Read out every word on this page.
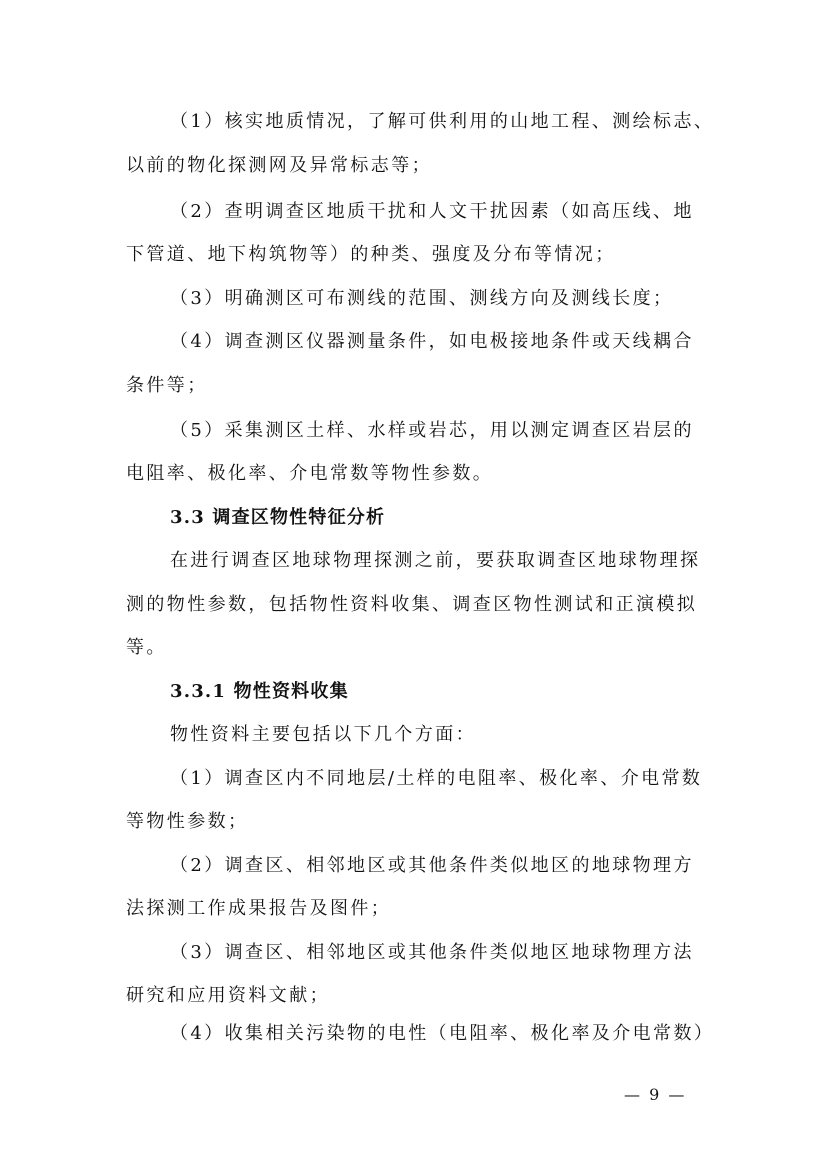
（1）核实地质情况，了解可供利用的山地工程、测绘标志、
以前的物化探测网及异常标志等；
（2）查明调查区地质干扰和人文干扰因素（如高压线、地
下管道、地下构筑物等）的种类、强度及分布等情况；
（3）明确测区可布测线的范围、测线方向及测线长度；
（4）调查测区仪器测量条件，如电极接地条件或天线耦合
条件等；
（5）采集测区土样、水样或岩芯，用以测定调查区岩层的
电阻率、极化率、介电常数等物性参数。
3.3 调查区物性特征分析
在进行调查区地球物理探测之前，要获取调查区地球物理探
测的物性参数，包括物性资料收集、调查区物性测试和正演模拟
等。
3.3.1 物性资料收集
物性资料主要包括以下几个方面：
（1）调查区内不同地层/土样的电阻率、极化率、介电常数
等物性参数；
（2）调查区、相邻地区或其他条件类似地区的地球物理方
法探测工作成果报告及图件；
（3）调查区、相邻地区或其他条件类似地区地球物理方法
研究和应用资料文献；
（4）收集相关污染物的电性（电阻率、极化率及介电常数）
— 9 —
